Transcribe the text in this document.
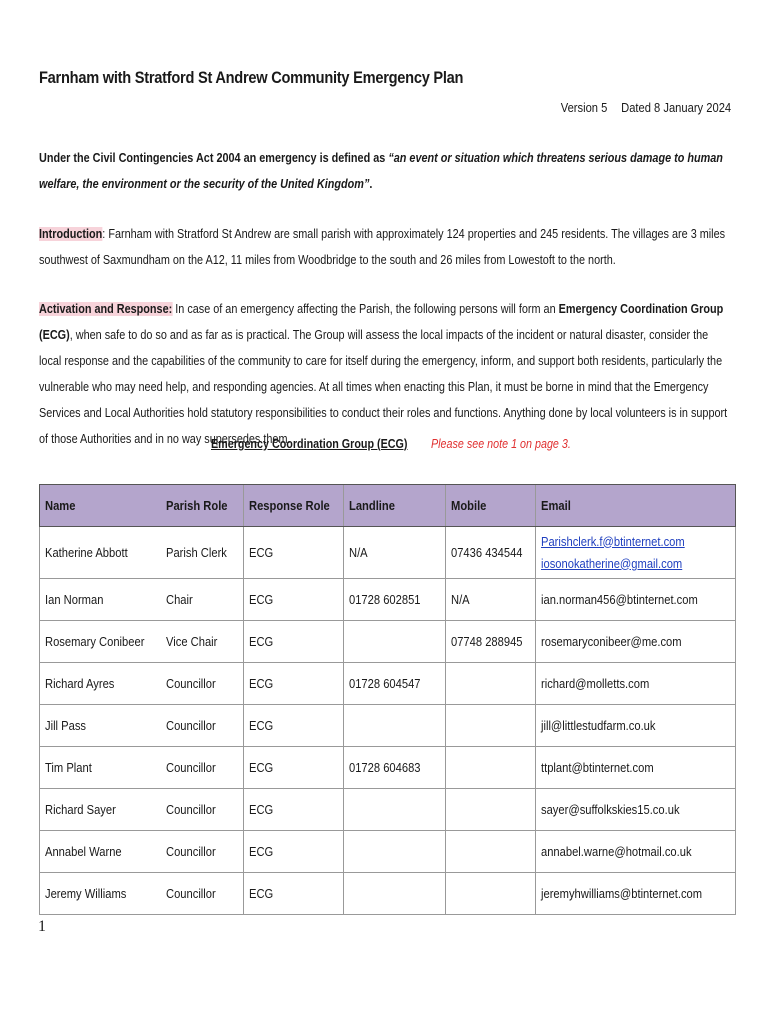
Farnham with Stratford St Andrew Community Emergency Plan
Version 5 Dated 8 January 2024
Under the Civil Contingencies Act 2004 an emergency is defined as “an event or situation which threatens serious damage to human welfare, the environment or the security of the United Kingdom”.
Introduction: Farnham with Stratford St Andrew are small parish with approximately 124 properties and 245 residents. The villages are 3 miles southwest of Saxmundham on the A12, 11 miles from Woodbridge to the south and 26 miles from Lowestoft to the north.
Activation and Response: In case of an emergency affecting the Parish, the following persons will form an Emergency Coordination Group (ECG), when safe to do so and as far as is practical. The Group will assess the local impacts of the incident or natural disaster, consider the local response and the capabilities of the community to care for itself during the emergency, inform, and support both residents, particularly the vulnerable who may need help, and responding agencies. At all times when enacting this Plan, it must be borne in mind that the Emergency Services and Local Authorities hold statutory responsibilities to conduct their roles and functions. Anything done by local volunteers is in support of those Authorities and in no way supersedes them.
Emergency Coordination Group (ECG) Please see note 1 on page 3.
Name	Parish Role	Response Role	Landline	Mobile	Email
Katherine Abbott	Parish Clerk	ECG	N/A	07436 434544	Parishclerk.f@btinternet.com
iosonokatherine@gmail.com
Ian Norman	Chair	ECG	01728 602851	N/A	ian.norman456@btinternet.com
Rosemary Conibeer	Vice Chair	ECG		07748 288945	rosemaryconibeer@me.com
Richard Ayres	Councillor	ECG	01728 604547		richard@molletts.com
Jill Pass	Councillor	ECG			jill@littlestudfarm.co.uk
Tim Plant	Councillor	ECG	01728 604683		ttplant@btinternet.com
Richard Sayer	Councillor	ECG			sayer@suffolkskies15.co.uk
Annabel Warne	Councillor	ECG			annabel.warne@hotmail.co.uk
Jeremy Williams	Councillor	ECG			jeremyhwilliams@btinternet.com
1
